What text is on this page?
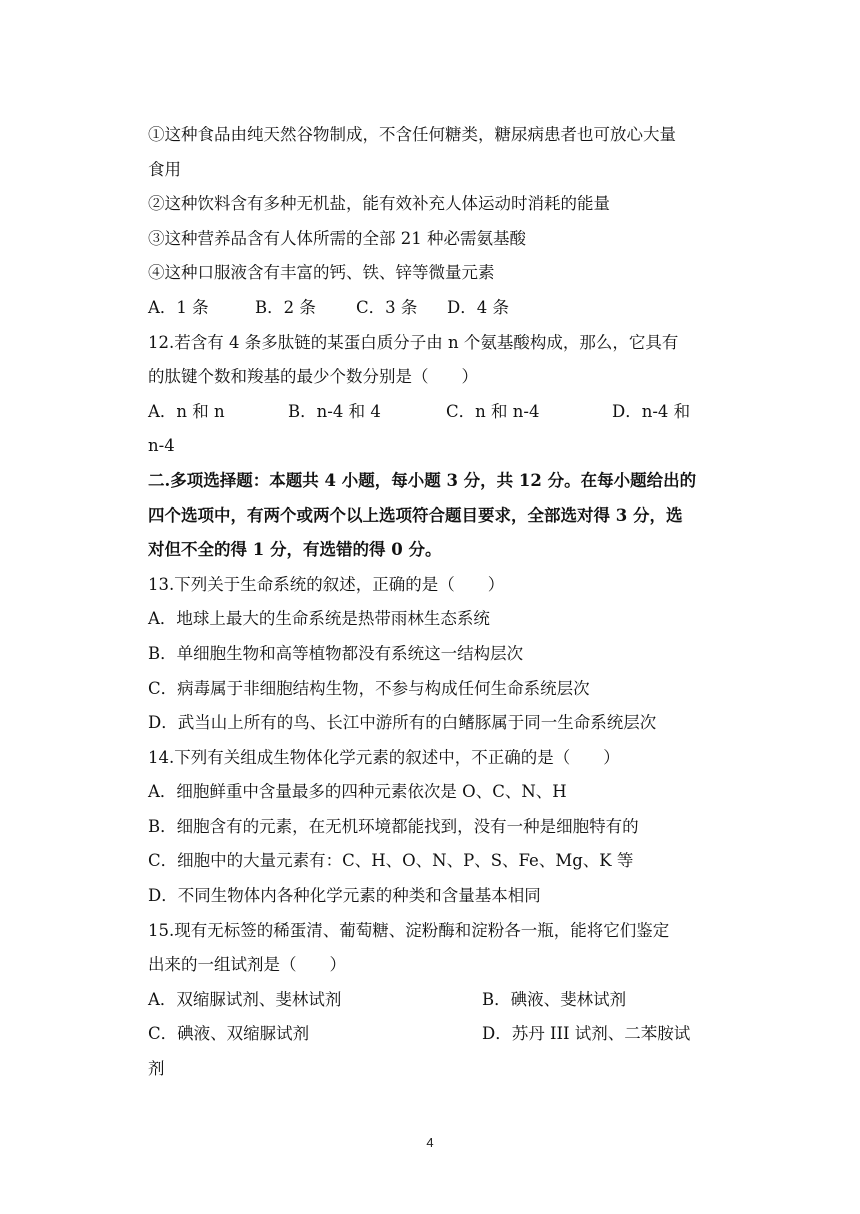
①这种食品由纯天然谷物制成，不含任何糖类，糖尿病患者也可放心大量
食用
②这种饮料含有多种无机盐，能有效补充人体运动时消耗的能量
③这种营养品含有人体所需的全部 21 种必需氨基酸
④这种口服液含有丰富的钙、铁、锌等微量元素
A．1 条	B．2 条	C．3 条	D．4 条
12.若含有 4 条多肽链的某蛋白质分子由 n 个氨基酸构成，那么，它具有
的肽键个数和羧基的最少个数分别是（　　）
A．n 和 n	B．n-4 和 4	C．n 和 n-4	D．n-4 和
n-4
二.多项选择题：本题共 4 小题，每小题 3 分，共 12 分。在每小题给出的
四个选项中，有两个或两个以上选项符合题目要求，全部选对得 3 分，选
对但不全的得 1 分，有选错的得 0 分。
13.下列关于生命系统的叙述，正确的是（　　）
A．地球上最大的生命系统是热带雨林生态系统
B．单细胞生物和高等植物都没有系统这一结构层次
C．病毒属于非细胞结构生物，不参与构成任何生命系统层次
D．武当山上所有的鸟、长江中游所有的白鳍豚属于同一生命系统层次
14.下列有关组成生物体化学元素的叙述中，不正确的是（　　）
A．细胞鲜重中含量最多的四种元素依次是 O、C、N、H
B．细胞含有的元素，在无机环境都能找到，没有一种是细胞特有的
C．细胞中的大量元素有：C、H、O、N、P、S、Fe、Mg、K 等
D．不同生物体内各种化学元素的种类和含量基本相同
15.现有无标签的稀蛋清、葡萄糖、淀粉酶和淀粉各一瓶，能将它们鉴定
出来的一组试剂是（　　）
A．双缩脲试剂、斐林试剂	B．碘液、斐林试剂
C．碘液、双缩脲试剂	D．苏丹 III 试剂、二苯胺试
剂
4
